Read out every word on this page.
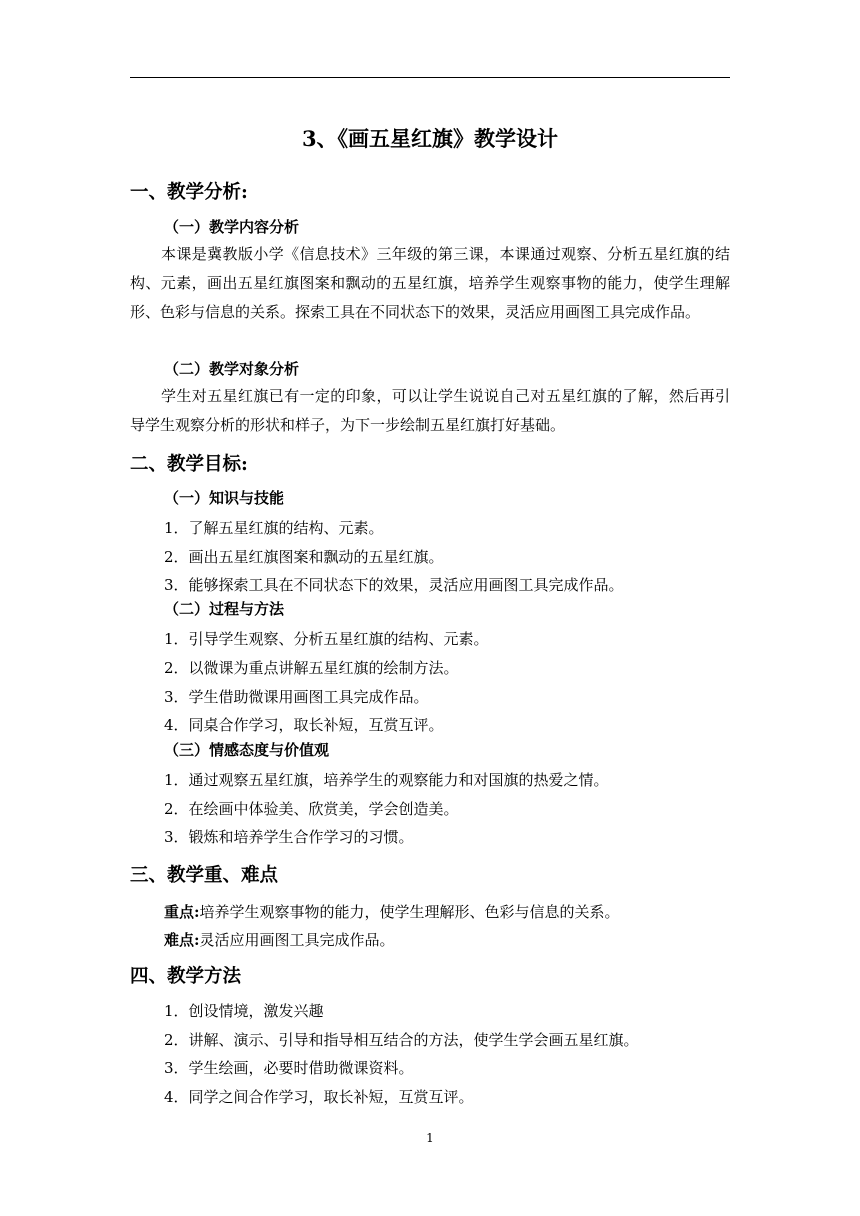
3、《画五星红旗》教学设计
一、教学分析:
（一）教学内容分析

本课是冀教版小学《信息技术》三年级的第三课，本课通过观察、分析五星红旗的结构、元素，画出五星红旗图案和飘动的五星红旗，培养学生观察事物的能力，使学生理解形、色彩与信息的关系。探索工具在不同状态下的效果，灵活应用画图工具完成作品。

（二）教学对象分析

学生对五星红旗已有一定的印象，可以让学生说说自己对五星红旗的了解，然后再引导学生观察分析的形状和样子，为下一步绘制五星红旗打好基础。

二、教学目标:
（一）知识与技能

1．了解五星红旗的结构、元素。

2．画出五星红旗图案和飘动的五星红旗。

3．能够探索工具在不同状态下的效果，灵活应用画图工具完成作品。

（二）过程与方法

1．引导学生观察、分析五星红旗的结构、元素。

2．以微课为重点讲解五星红旗的绘制方法。

3．学生借助微课用画图工具完成作品。

4．同桌合作学习，取长补短，互赏互评。

（三）情感态度与价值观

1．通过观察五星红旗，培养学生的观察能力和对国旗的热爱之情。

2．在绘画中体验美、欣赏美，学会创造美。

3．锻炼和培养学生合作学习的习惯。

三、教学重、难点

重点:培养学生观察事物的能力，使学生理解形、色彩与信息的关系。

难点:灵活应用画图工具完成作品。

四、教学方法

1．创设情境，激发兴趣

2．讲解、演示、引导和指导相互结合的方法，使学生学会画五星红旗。

3．学生绘画，必要时借助微课资料。

4．同学之间合作学习，取长补短，互赏互评。

1
